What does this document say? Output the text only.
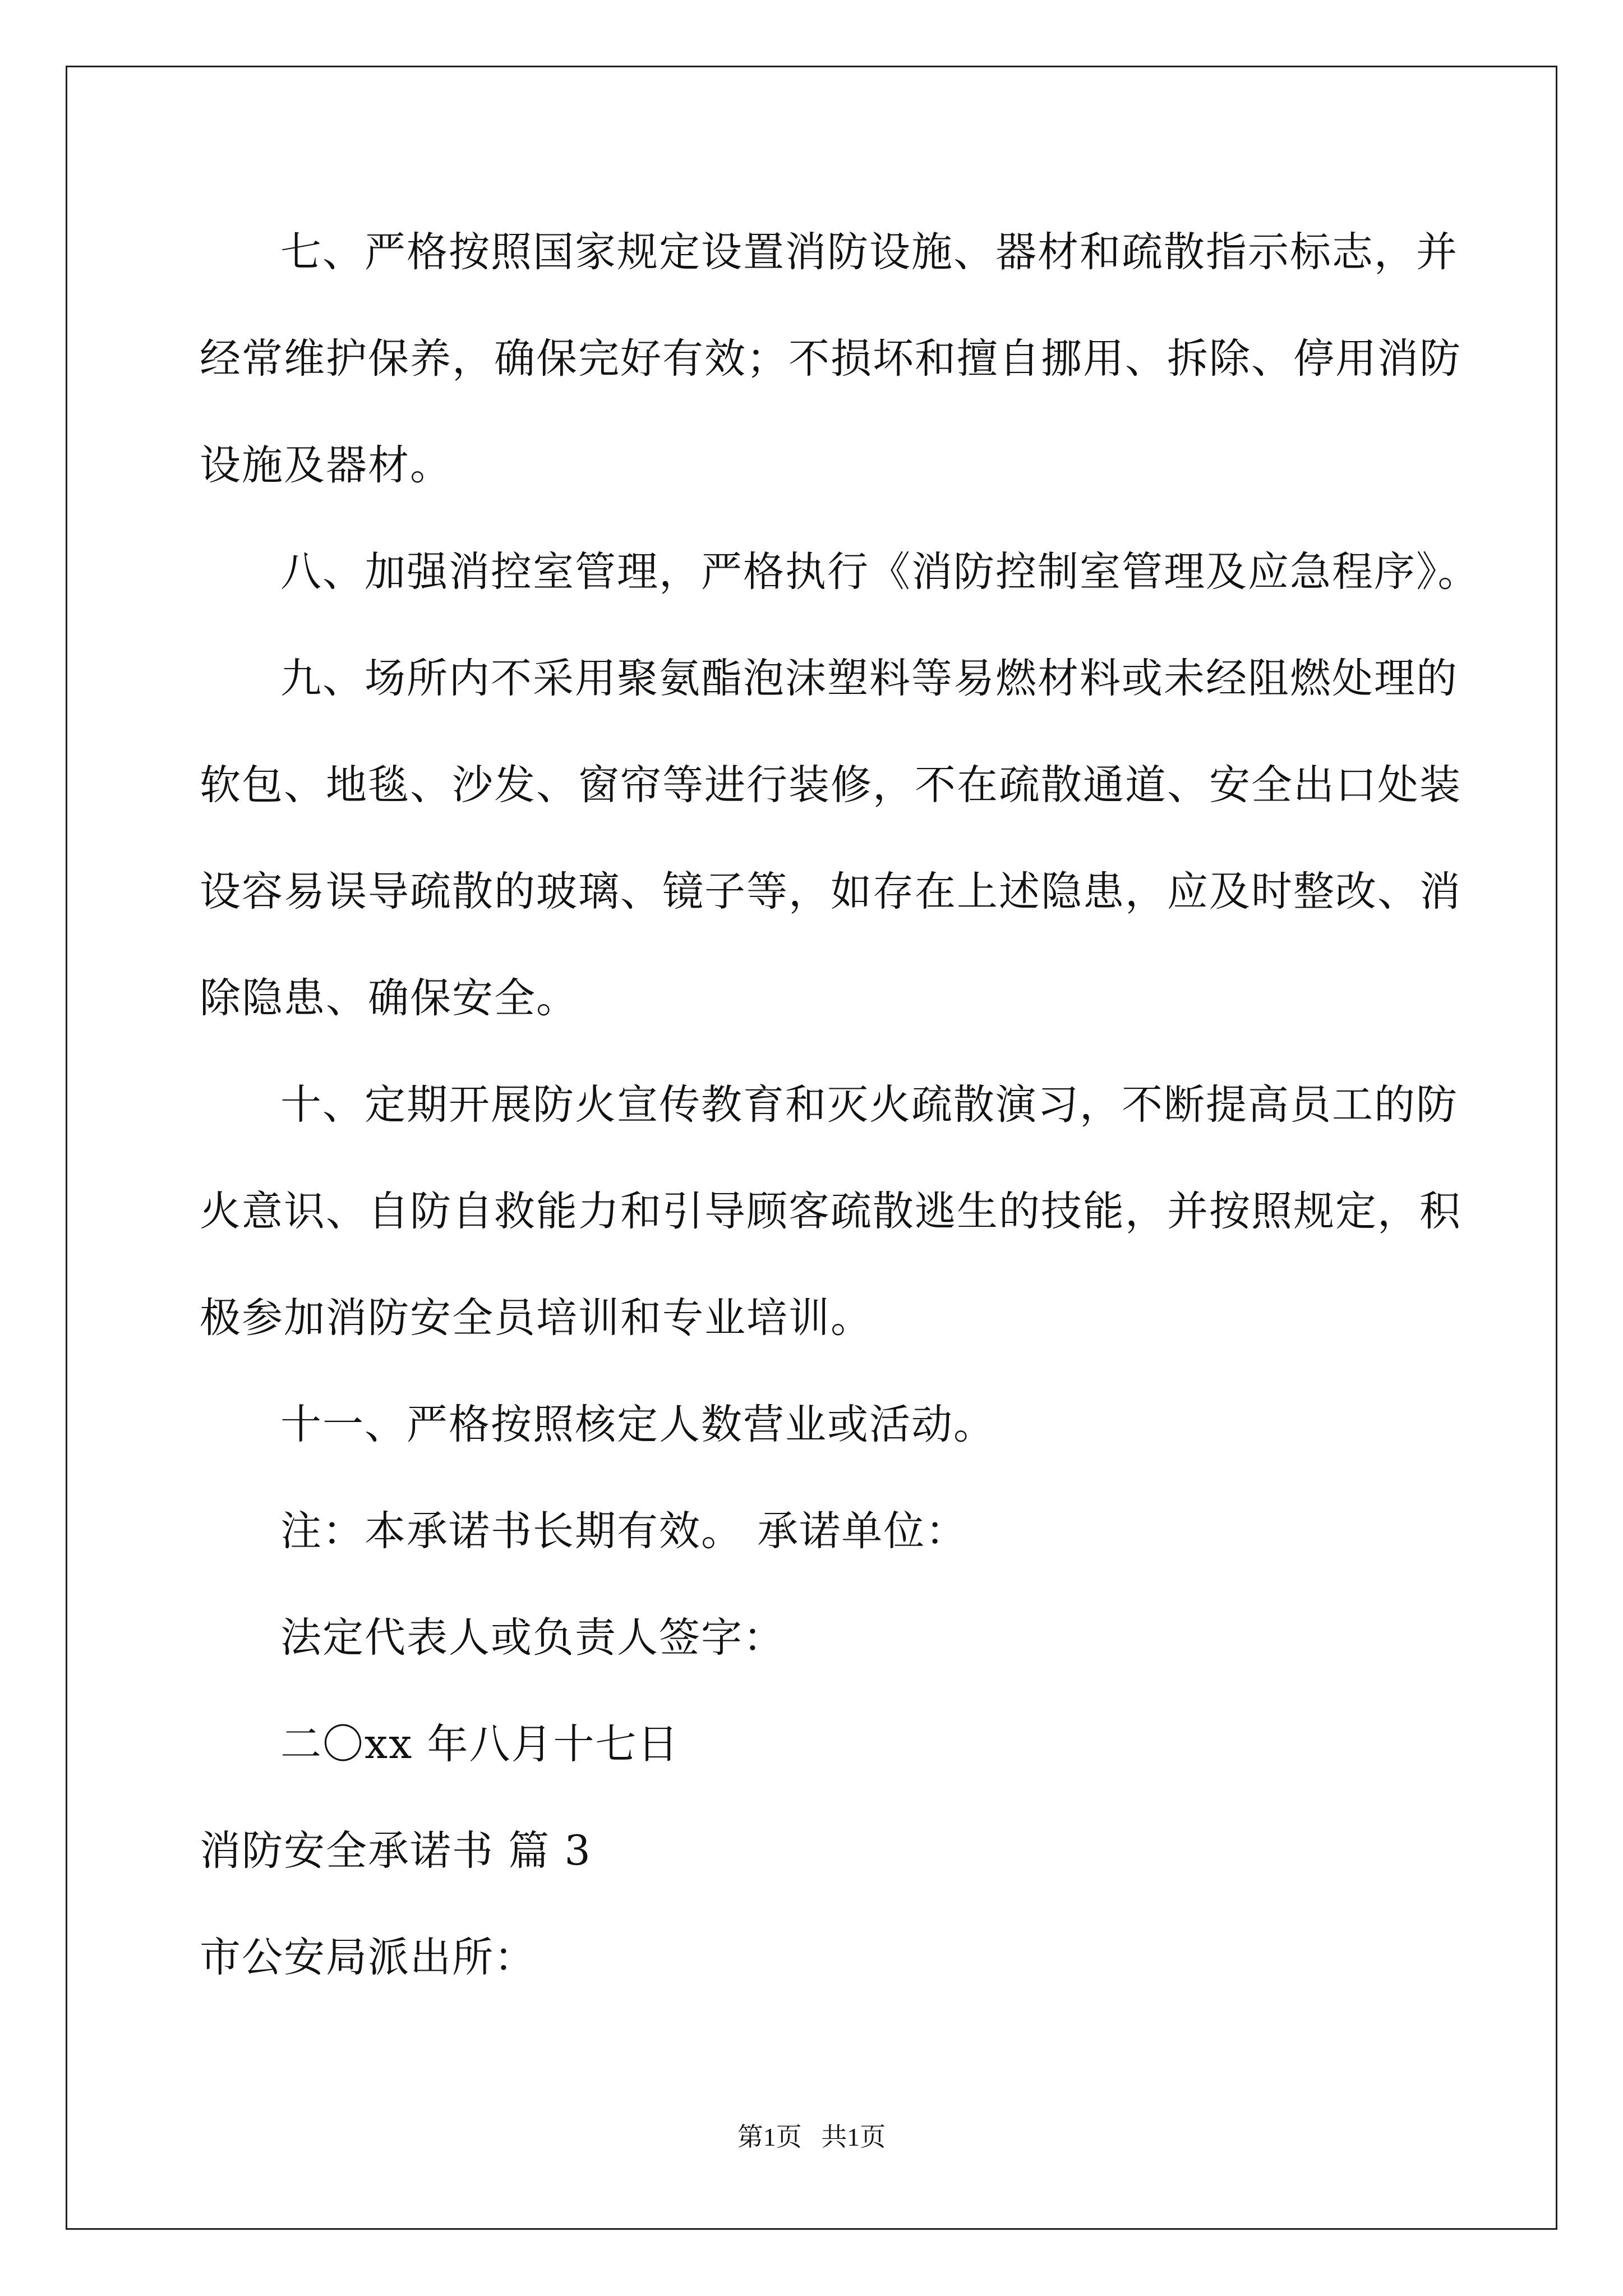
七、严格按照国家规定设置消防设施、器材和疏散指示标志，并
经常维护保养，确保完好有效；不损坏和擅自挪用、拆除、停用消防
设施及器材。
八、加强消控室管理，严格执行《消防控制室管理及应急程序》。
九、场所内不采用聚氨酯泡沫塑料等易燃材料或未经阻燃处理的
软包、地毯、沙发、窗帘等进行装修，不在疏散通道、安全出口处装
设容易误导疏散的玻璃、镜子等，如存在上述隐患，应及时整改、消
除隐患、确保安全。
十、定期开展防火宣传教育和灭火疏散演习，不断提高员工的防
火意识、自防自救能力和引导顾客疏散逃生的技能，并按照规定，积
极参加消防安全员培训和专业培训。
十一、严格按照核定人数营业或活动。
注：本承诺书长期有效。 承诺单位：
法定代表人或负责人签字：
二〇xx 年八月十七日
消防安全承诺书 篇 3
市公安局派出所：
第1页   共1页
